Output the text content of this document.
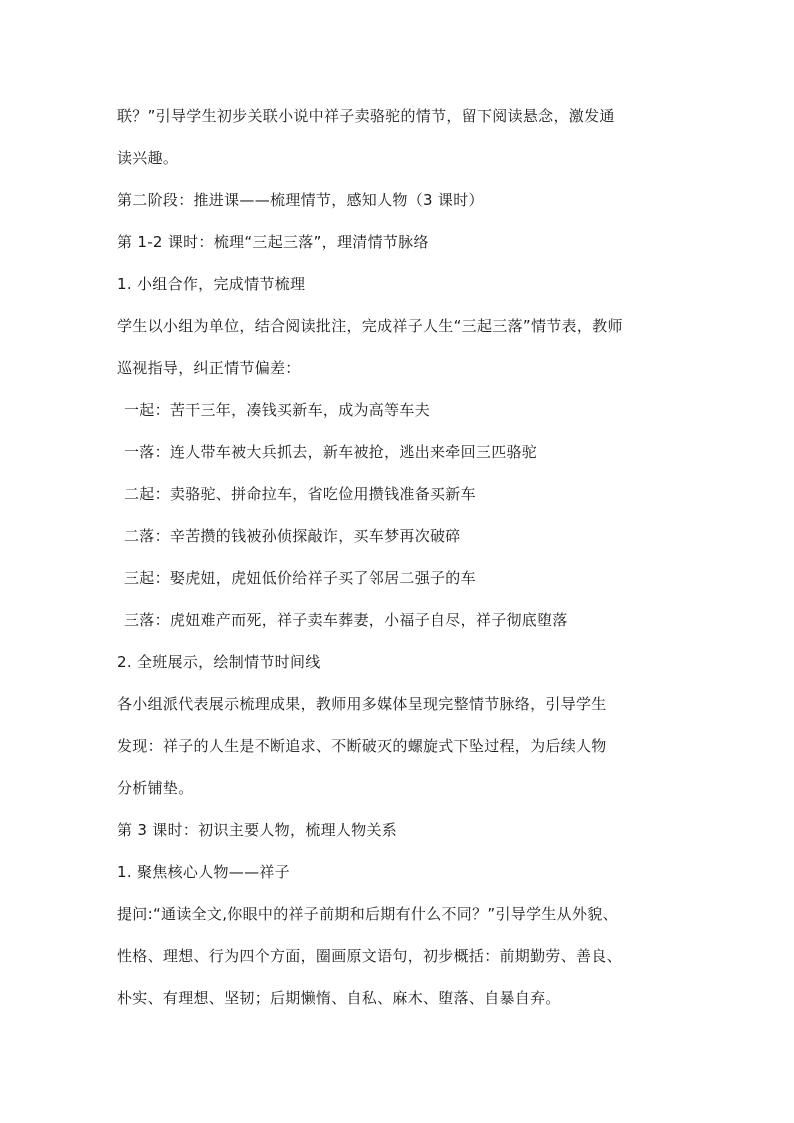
联？”引导学生初步关联小说中祥子卖骆驼的情节，留下阅读悬念，激发通
读兴趣。
第二阶段：推进课——梳理情节，感知人物（3 课时）
第 1-2 课时：梳理“三起三落”，理清情节脉络
1. 小组合作，完成情节梳理
学生以小组为单位，结合阅读批注，完成祥子人生“三起三落”情节表，教师
巡视指导，纠正情节偏差：
一起：苦干三年，凑钱买新车，成为高等车夫
一落：连人带车被大兵抓去，新车被抢，逃出来牵回三匹骆驼
二起：卖骆驼、拼命拉车，省吃俭用攒钱准备买新车
二落：辛苦攒的钱被孙侦探敲诈，买车梦再次破碎
三起：娶虎妞，虎妞低价给祥子买了邻居二强子的车
三落：虎妞难产而死，祥子卖车葬妻，小福子自尽，祥子彻底堕落
2. 全班展示，绘制情节时间线
各小组派代表展示梳理成果，教师用多媒体呈现完整情节脉络，引导学生
发现：祥子的人生是不断追求、不断破灭的螺旋式下坠过程，为后续人物
分析铺垫。
第 3 课时：初识主要人物，梳理人物关系
1. 聚焦核心人物——祥子
提问:“通读全文,你眼中的祥子前期和后期有什么不同？”引导学生从外貌、
性格、理想、行为四个方面，圈画原文语句，初步概括：前期勤劳、善良、
朴实、有理想、坚韧；后期懒惰、自私、麻木、堕落、自暴自弃。
